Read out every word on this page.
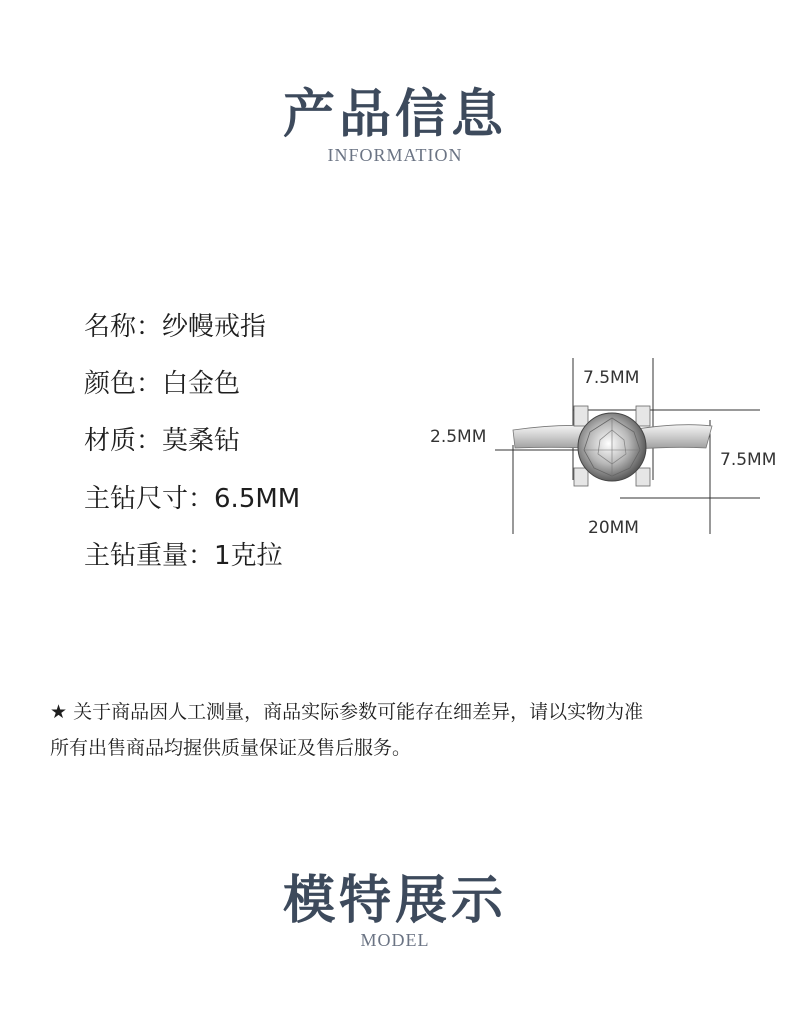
产品信息
INFORMATION
名称：纱幔戒指
颜色：白金色
材质：莫桑钻
主钻尺寸：6.5MM
主钻重量：1克拉
7.5MM
2.5MM
7.5MM
20MM
★ 关于商品因人工测量，商品实际参数可能存在细差异，请以实物为准
所有出售商品均握供质量保证及售后服务。
模特展示
MODEL
